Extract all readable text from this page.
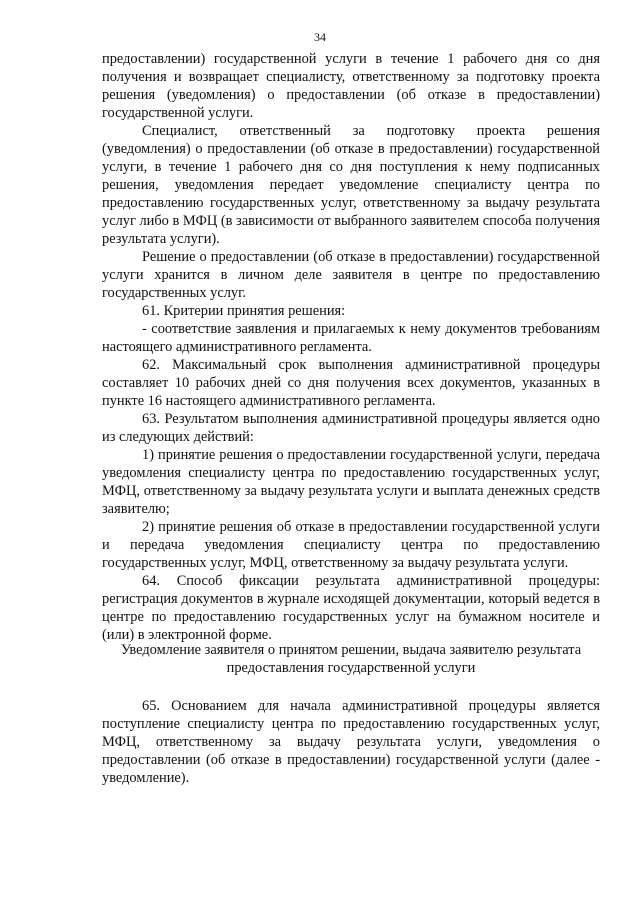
34

предоставлении) государственной услуги в течение 1 рабочего дня со дня получения и возвращает специалисту, ответственному за подготовку проекта решения (уведомления) о предоставлении (об отказе в предоставлении) государственной услуги.

Специалист, ответственный за подготовку проекта решения (уведомления) о предоставлении (об отказе в предоставлении) государственной услуги, в течение 1 рабочего дня со дня поступления к нему подписанных решения, уведомления передает уведомление специалисту центра по предоставлению государственных услуг, ответственному за выдачу результата услуг либо в МФЦ (в зависимости от выбранного заявителем способа получения результата услуги).

Решение о предоставлении (об отказе в предоставлении) государственной услуги хранится в личном деле заявителя в центре по предоставлению государственных услуг.

61. Критерии принятия решения:

- соответствие заявления и прилагаемых к нему документов требованиям настоящего административного регламента.

62. Максимальный срок выполнения административной процедуры составляет 10 рабочих дней со дня получения всех документов, указанных в пункте 16 настоящего административного регламента.

63. Результатом выполнения административной процедуры является одно из следующих действий:

1) принятие решения о предоставлении государственной услуги, передача уведомления специалисту центра по предоставлению государственных услуг, МФЦ, ответственному за выдачу результата услуги и выплата денежных средств заявителю;

2) принятие решения об отказе в предоставлении государственной услуги и передача уведомления специалисту центра по предоставлению государственных услуг, МФЦ, ответственному за выдачу результата услуги.

64. Способ фиксации результата административной процедуры: регистрация документов в журнале исходящей документации, который ведется в центре по предоставлению государственных услуг на бумажном носителе и (или) в электронной форме.

Уведомление заявителя о принятом решении, выдача заявителю результата предоставления государственной услуги

65. Основанием для начала административной процедуры является поступление специалисту центра по предоставлению государственных услуг, МФЦ, ответственному за выдачу результата услуги, уведомления о предоставлении (об отказе в предоставлении) государственной услуги (далее - уведомление).
